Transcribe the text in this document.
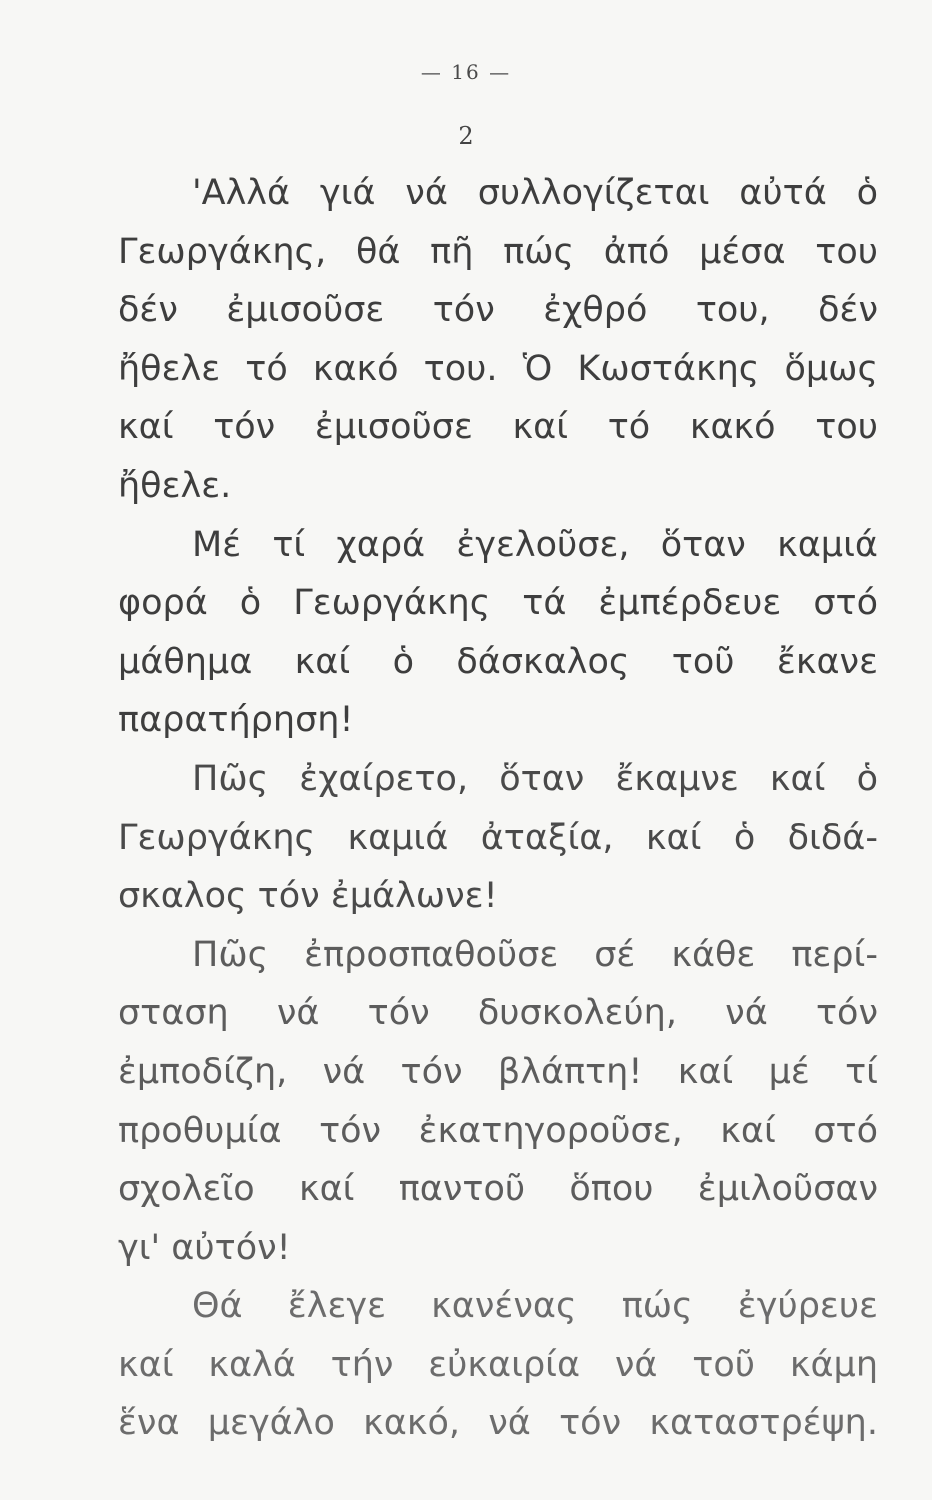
— 16 —
2
'Αλλά γιά νά συλλογίζεται αὐτά ὁ
Γεωργάκης, θά πῆ πώς ἀπό μέσα του
δέν ἐμισοῦσε τόν ἐχθρό του, δέν
ἤθελε τό κακό του. Ὁ Κωστάκης ὅμως
καί τόν ἐμισοῦσε καί τό κακό του
ἤθελε.
Μέ τί χαρά ἐγελοῦσε, ὅταν καμιά
φορά ὁ Γεωργάκης τά ἐμπέρδευε στό
μάθημα καί ὁ δάσκαλος τοῦ ἔκανε
παρατήρηση!
Πῶς ἐχαίρετο, ὅταν ἔκαμνε καί ὁ
Γεωργάκης καμιά ἀταξία, καί ὁ διδά-
σκαλος τόν ἐμάλωνε!
Πῶς ἐπροσπαθοῦσε σέ κάθε περί-
σταση νά τόν δυσκολεύη, νά τόν
ἐμποδίζη, νά τόν βλάπτη! καί μέ τί
προθυμία τόν ἐκατηγοροῦσε, καί στό
σχολεῖο καί παντοῦ ὅπου ἐμιλοῦσαν
γι' αὐτόν!
Θά ἔλεγε κανένας πώς ἐγύρευε
καί καλά τήν εὐκαιρία νά τοῦ κάμη
ἕνα μεγάλο κακό, νά τόν καταστρέψη.
